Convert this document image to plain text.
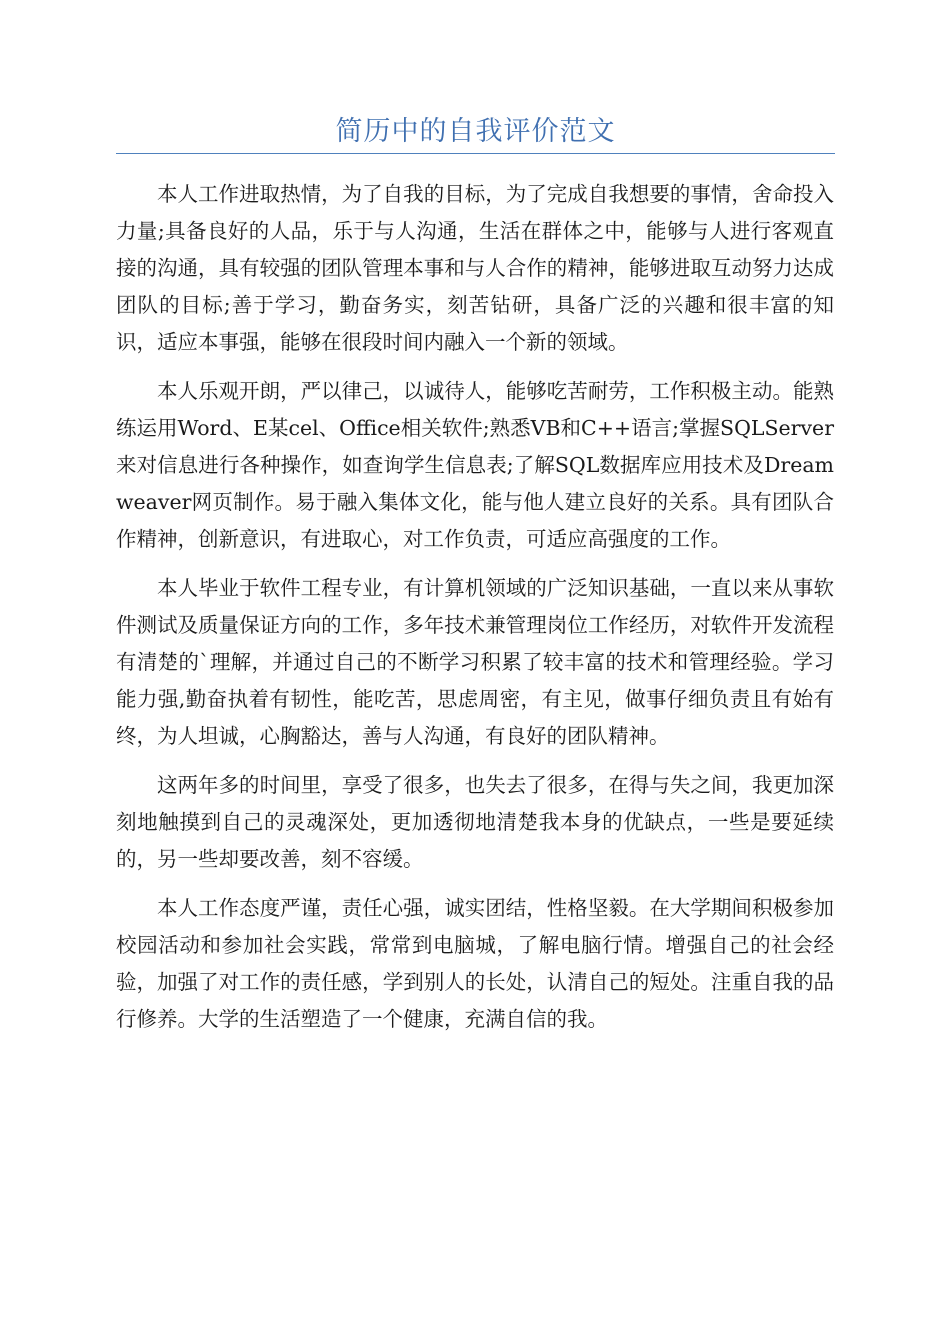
简历中的自我评价范文

本人工作进取热情，为了自我的目标，为了完成自我想要的事情，舍命投入力量;具备良好的人品，乐于与人沟通，生活在群体之中，能够与人进行客观直接的沟通，具有较强的团队管理本事和与人合作的精神，能够进取互动努力达成团队的目标;善于学习，勤奋务实，刻苦钻研，具备广泛的兴趣和很丰富的知识，适应本事强，能够在很段时间内融入一个新的领域。

本人乐观开朗，严以律己，以诚待人，能够吃苦耐劳，工作积极主动。能熟练运用Word、E某cel、Office相关软件;熟悉VB和C++语言;掌握SQLServer来对信息进行各种操作，如查询学生信息表;了解SQL数据库应用技术及Dreamweaver网页制作。易于融入集体文化，能与他人建立良好的关系。具有团队合作精神，创新意识，有进取心，对工作负责，可适应高强度的工作。

本人毕业于软件工程专业，有计算机领域的广泛知识基础，一直以来从事软件测试及质量保证方向的工作，多年技术兼管理岗位工作经历，对软件开发流程有清楚的`理解，并通过自己的不断学习积累了较丰富的技术和管理经验。学习能力强,勤奋执着有韧性，能吃苦，思虑周密，有主见，做事仔细负责且有始有终，为人坦诚，心胸豁达，善与人沟通，有良好的团队精神。

这两年多的时间里，享受了很多，也失去了很多，在得与失之间，我更加深刻地触摸到自己的灵魂深处，更加透彻地清楚我本身的优缺点，一些是要延续的，另一些却要改善，刻不容缓。

本人工作态度严谨，责任心强，诚实团结，性格坚毅。在大学期间积极参加校园活动和参加社会实践，常常到电脑城，了解电脑行情。增强自己的社会经验，加强了对工作的责任感，学到别人的长处，认清自己的短处。注重自我的品行修养。大学的生活塑造了一个健康，充满自信的我。
